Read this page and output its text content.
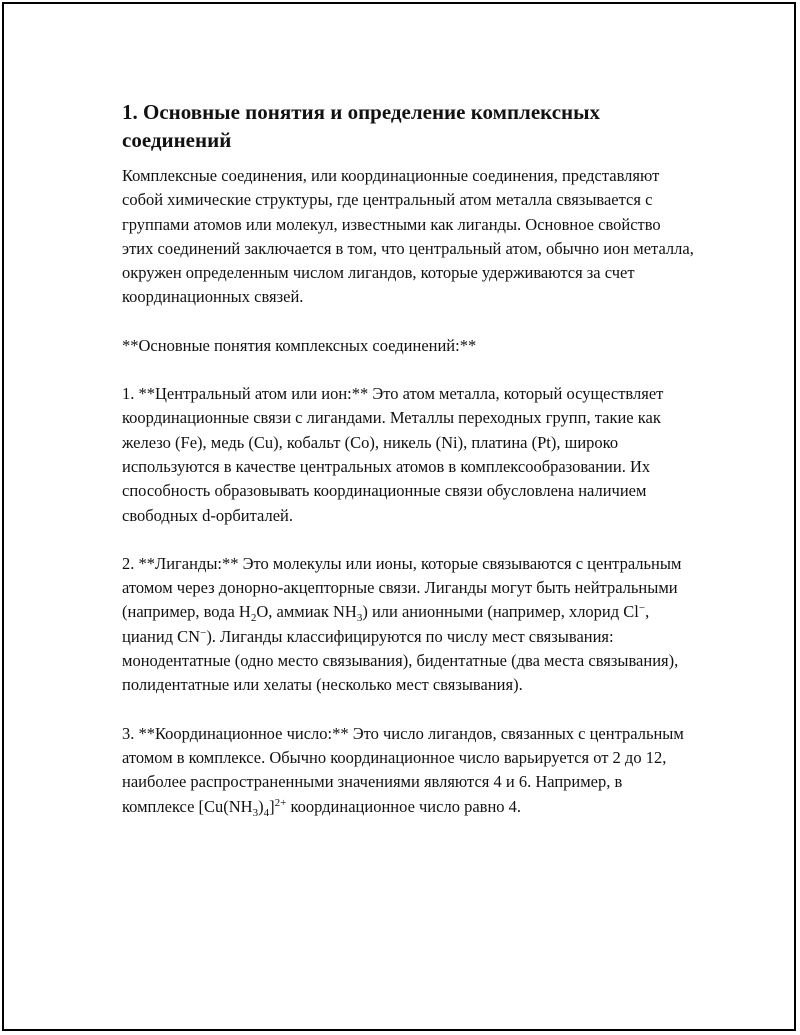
1. Основные понятия и определение комплексных соединений

Комплексные соединения, или координационные соединения, представляют собой химические структуры, где центральный атом металла связывается с группами атомов или молекул, известными как лиганды. Основное свойство этих соединений заключается в том, что центральный атом, обычно ион металла, окружен определенным числом лигандов, которые удерживаются за счет координационных связей.

**Основные понятия комплексных соединений:**

1. **Центральный атом или ион:** Это атом металла, который осуществляет координационные связи с лигандами. Металлы переходных групп, такие как железо (Fe), медь (Cu), кобальт (Co), никель (Ni), платина (Pt), широко используются в качестве центральных атомов в комплексообразовании. Их способность образовывать координационные связи обусловлена наличием свободных d-орбиталей.

2. **Лиганды:** Это молекулы или ионы, которые связываются с центральным атомом через донорно-акцепторные связи. Лиганды могут быть нейтральными (например, вода $H_2O$, аммиак $NH_3$) или анионными (например, хлорид Cl−, цианид CN−). Лиганды классифицируются по числу мест связывания: монодентатные (одно место связывания), бидентатные (два места связывания), полидентатные или хелаты (несколько мест связывания).

3. **Координационное число:** Это число лигандов, связанных с центральным атомом в комплексе. Обычно координационное число варьируется от 2 до 12, наиболее распространенными значениями являются 4 и 6. Например, в комплексе $[Cu(NH_3)_4]^{2+}$ координационное число равно 4.
